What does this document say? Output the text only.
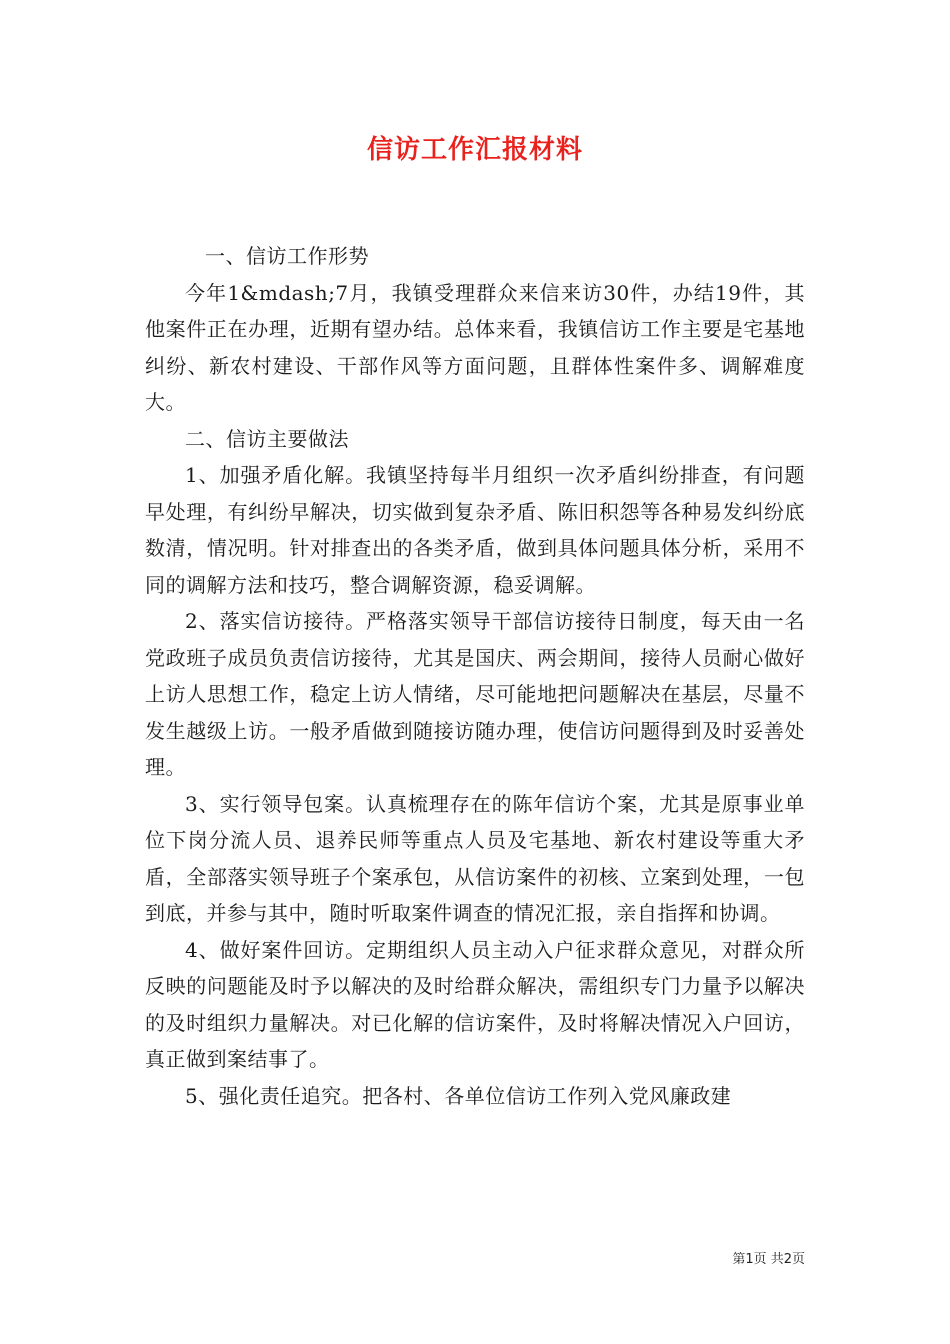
信访工作汇报材料

一、信访工作形势

今年1&mdash;7月，我镇受理群众来信来访30件，办结19件，其他案件正在办理，近期有望办结。总体来看，我镇信访工作主要是宅基地纠纷、新农村建设、干部作风等方面问题，且群体性案件多、调解难度大。

二、信访主要做法

1、加强矛盾化解。我镇坚持每半月组织一次矛盾纠纷排查，有问题早处理，有纠纷早解决，切实做到复杂矛盾、陈旧积怨等各种易发纠纷底数清，情况明。针对排查出的各类矛盾，做到具体问题具体分析，采用不同的调解方法和技巧，整合调解资源，稳妥调解。

2、落实信访接待。严格落实领导干部信访接待日制度，每天由一名党政班子成员负责信访接待，尤其是国庆、两会期间，接待人员耐心做好上访人思想工作，稳定上访人情绪，尽可能地把问题解决在基层，尽量不发生越级上访。一般矛盾做到随接访随办理，使信访问题得到及时妥善处理。

3、实行领导包案。认真梳理存在的陈年信访个案，尤其是原事业单位下岗分流人员、退养民师等重点人员及宅基地、新农村建设等重大矛盾，全部落实领导班子个案承包，从信访案件的初核、立案到处理，一包到底，并参与其中，随时听取案件调查的情况汇报，亲自指挥和协调。

4、做好案件回访。定期组织人员主动入户征求群众意见，对群众所反映的问题能及时予以解决的及时给群众解决，需组织专门力量予以解决的及时组织力量解决。对已化解的信访案件，及时将解决情况入户回访，真正做到案结事了。

5、强化责任追究。把各村、各单位信访工作列入党风廉政建

第1页 共2页
